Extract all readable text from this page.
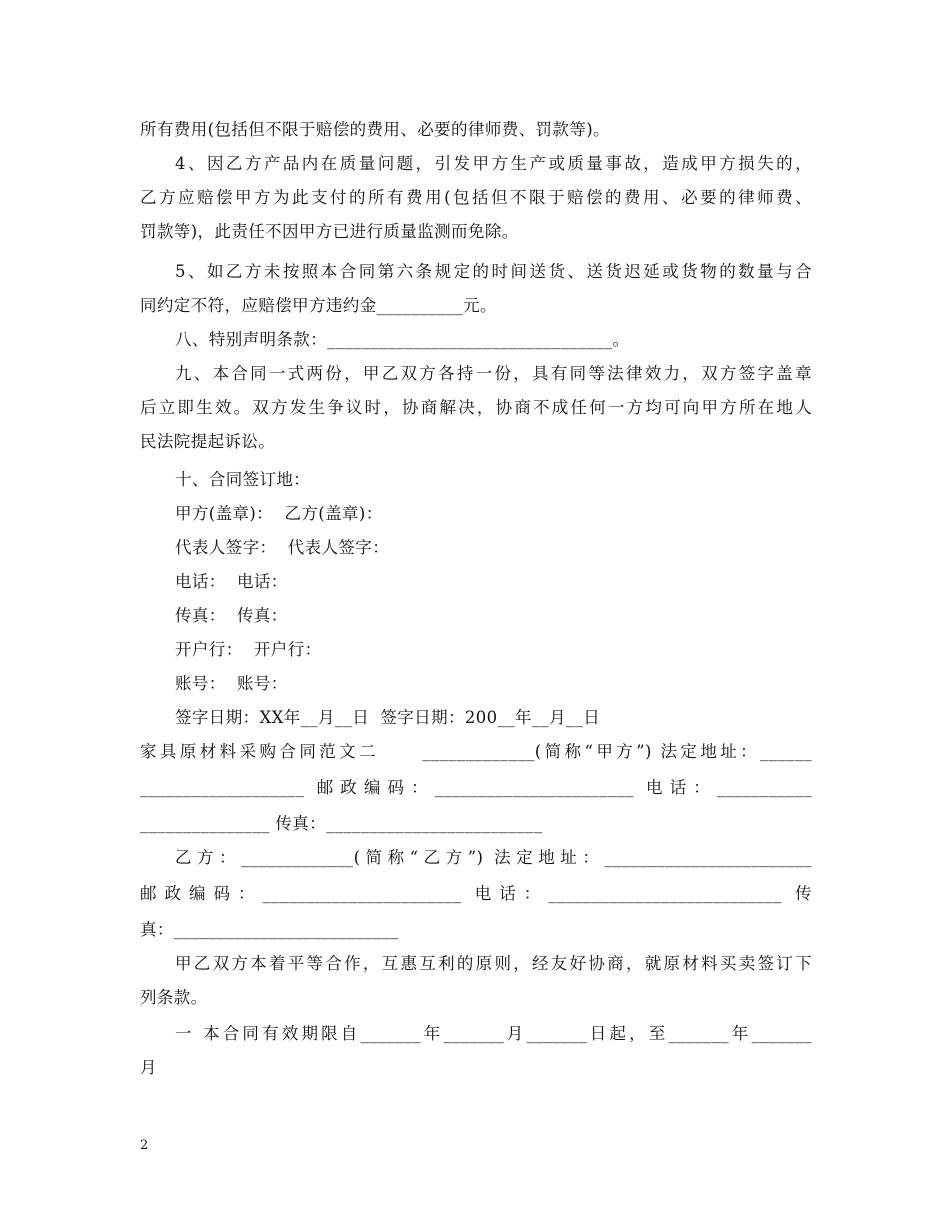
所有费用(包括但不限于赔偿的费用、必要的律师费、罚款等)。
4、因乙方产品内在质量问题，引发甲方生产或质量事故，造成甲方损失的，
乙方应赔偿甲方为此支付的所有费用(包括但不限于赔偿的费用、必要的律师费、
罚款等)，此责任不因甲方已进行质量监测而免除。
5、如乙方未按照本合同第六条规定的时间送货、送货迟延或货物的数量与合
同约定不符，应赔偿甲方违约金__________元。
八、特别声明条款：_________________________________。
九、本合同一式两份，甲乙双方各持一份，具有同等法律效力，双方签字盖章
后立即生效。双方发生争议时，协商解决，协商不成任何一方均可向甲方所在地人
民法院提起诉讼。
十、合同签订地：
甲方(盖章)：  乙方(盖章)：
代表人签字：  代表人签字：
电话：  电话：
传真：  传真：
开户行：  开户行：
账号：  账号：
签字日期：XX年__月__日  签字日期：200__年__月__日
家具原材料采购合同范文二     _____________(简称“甲方”) 法定地址：______
___________________ 邮政编码：_______________________ 电话：___________
_______________ 传真：_________________________
乙方：_____________(简称“乙方”) 法定地址：________________________
邮政编码：_______________________ 电话：___________________________ 传
真：__________________________
甲乙双方本着平等合作，互惠互利的原则，经友好协商，就原材料买卖签订下
列条款。
一 本合同有效期限自_______年_______月_______日起，至_______年_______
月
2
